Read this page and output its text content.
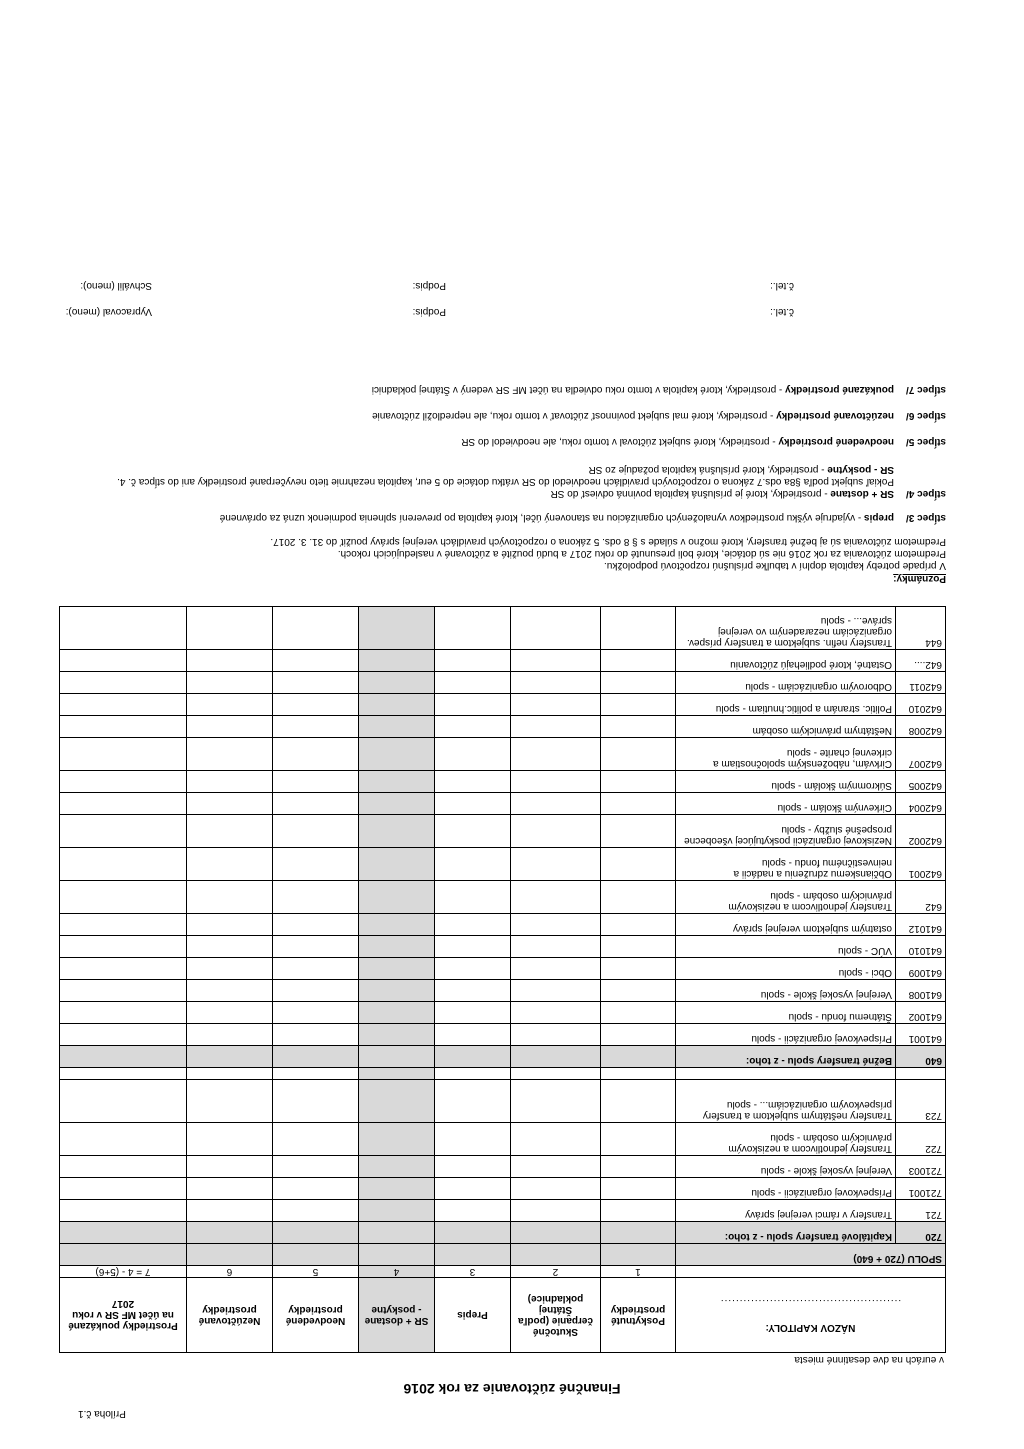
Príloha č.1
Finančné zúčtovanie za rok 2016
v eurách na dve desatinné miesta
NÁZOV KAPITOLY:
................................................		Poskytnuté prostriedky	Skutočné čerpanie (podľa Štátnej pokladnice)	Prepis	SR + dostane - poskytne	Neodvedené prostriedky	Nezúčtované prostriedky	Prostriedky poukázané na účet MF SR v roku 2017
		1	2	3	4	5	6	7 = 4 - (5+6)
SPOLU (720 + 640)								
720	Kapitálové transfery spolu - z toho:							
721	Transfery v rámci verejnej správy							
721001	Príspevkovej organizácii - spolu							
721003	Verejnej vysokej škole - spolu							
722	Transfery jednotlivcom a neziskovým právnickým osobám - spolu							
723	Transfery neštátnym subjektom a transfery príspevkovým organizáciám... - spolu							

640	Bežné transfery spolu - z toho:							
641001	Príspevkovej organizácii - spolu							
641002	Štátnemu fondu - spolu							
641008	Verejnej vysokej škole - spolu							
641009	Obci - spolu							
641010	VÚC - spolu							
641012	ostatným subjektom verejnej správy							
642	Transfery jednotlivcom a neziskovým právnickým osobám - spolu							
642001	Občianskemu združeniu a nadácii a neinvestičnému fondu - spolu							
642002	Neziskovej organizácii poskytujúcej všeobecne prospešné služby - spolu							
642004	Cirkevným školám - spolu							
642005	Súkromným školám - spolu							
642007	Cirkvám, náboženským spoločnostiam a cirkevnej charite - spolu							
642008	Neštátnym právnickým osobám							
642010	Politic. stranám a politic.hnutiam - spolu							
642011	Odborovým organizáciám - spolu							
642....	Ostatné, ktoré podliehajú zúčtovaniu							
644	Transfery nefin. subjektom a transfery príspev. organizáciám nezaradeným vo verejnej správe... - spolu							
Poznámky:
V prípade potreby kapitola doplní v tabuľke príslušnú rozpočtovú podpoložku.
Predmetom zúčtovania za rok 2016 nie sú dotácie, ktoré boli presunuté do roku 2017 a budú použité a zúčtované v nasledujúcich rokoch.
Predmetom zúčtovania sú aj bežné transfery, ktoré možno v súlade s § 8 ods. 5 zákona o rozpočtových pravidlách verejnej správy použiť do 31. 3. 2017.
stĺpec 3/
prepis - vyjadruje výšku prostriedkov vynaložených organizáciou na stanovený účel, ktoré kapitola po preverení splnenia podmienok uzná za oprávnené
stĺpec 4/
SR + dostane - prostriedky, ktoré je príslušná kapitola povinná odviesť do SR
Pokiaľ subjekt podľa §8a ods.7 zákona o rozpočtových pravidlách neodviedol do SR vrátku dotácie do 5 eur, kapitola nezahrnie tieto nevyčerpané prostriedky ani do stĺpca č. 4.
SR - poskytne - prostriedky, ktoré príslušná kapitola požaduje zo SR
stĺpec 5/
neodvedené prostriedky - prostriedky, ktoré subjekt zúčtoval v tomto roku, ale neodviedol do SR
stĺpec 6/
nezúčtované prostriedky - prostriedky, ktoré mal subjekt povinnosť zúčtovať v tomto roku, ale nepredložil zúčtovanie
stĺpec 7/
poukázané prostriedky - prostriedky, ktoré kapitola v tomto roku odviedla na účet MF SR vedený v Štátnej pokladnici
Vypracoval (meno):	Podpis:	č.tel.:
Schválil (meno):	Podpis:	č.tel.:
